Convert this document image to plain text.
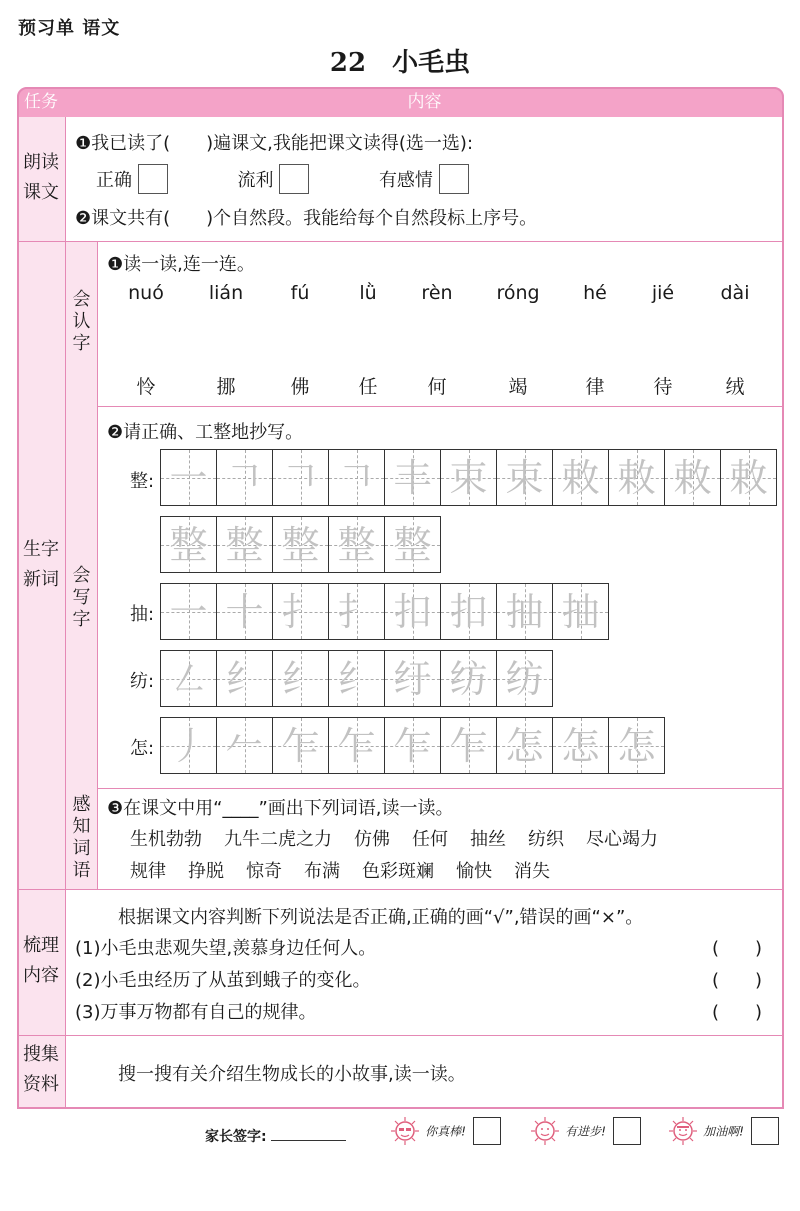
预习单 语文
22 小毛虫
任务	内容
朗读
课文
❶我已读了(　　)遍课文,我能把课文读得(选一选):
正确	流利	有感情
❷课文共有(　　)个自然段。我能给每个自然段标上序号。
生字
新词
会
认
字
❶读一读,连一连。
nuó	lián	fú	lǜ	rèn	róng	hé	jié	dài
怜	挪	佛	任	何	竭	律	待	绒
会
写
字
❷请正确、工整地抄写。
整: 一 𠃍 𠃍 𠃍 丰 束 束 敕 敕 敕 敕
整 整 整 整 整
抽: 一 十 扌 扌 扣 扣 抽 抽
纺: ㇜ 纟 纟 纟 纡 纺 纺
怎: 丿 𠂉 乍 乍 乍 乍 怎 怎 怎
感
知
词
语
❸在课文中用“____”画出下列词语,读一读。
生机勃勃 九牛二虎之力 仿佛 任何 抽丝 纺织 尽心竭力
规律 挣脱 惊奇 布满 色彩斑斓 愉快 消失
梳理
内容
根据课文内容判断下列说法是否正确,正确的画“√”,错误的画“×”。
(1)小毛虫悲观失望,羡慕身边任何人。	(　　)
(2)小毛虫经历了从茧到蛾子的变化。	(　　)
(3)万事万物都有自己的规律。	(　　)
搜集
资料	搜一搜有关介绍生物成长的小故事,读一读。
家长签字:	你真棒!	有进步!	加油啊!
